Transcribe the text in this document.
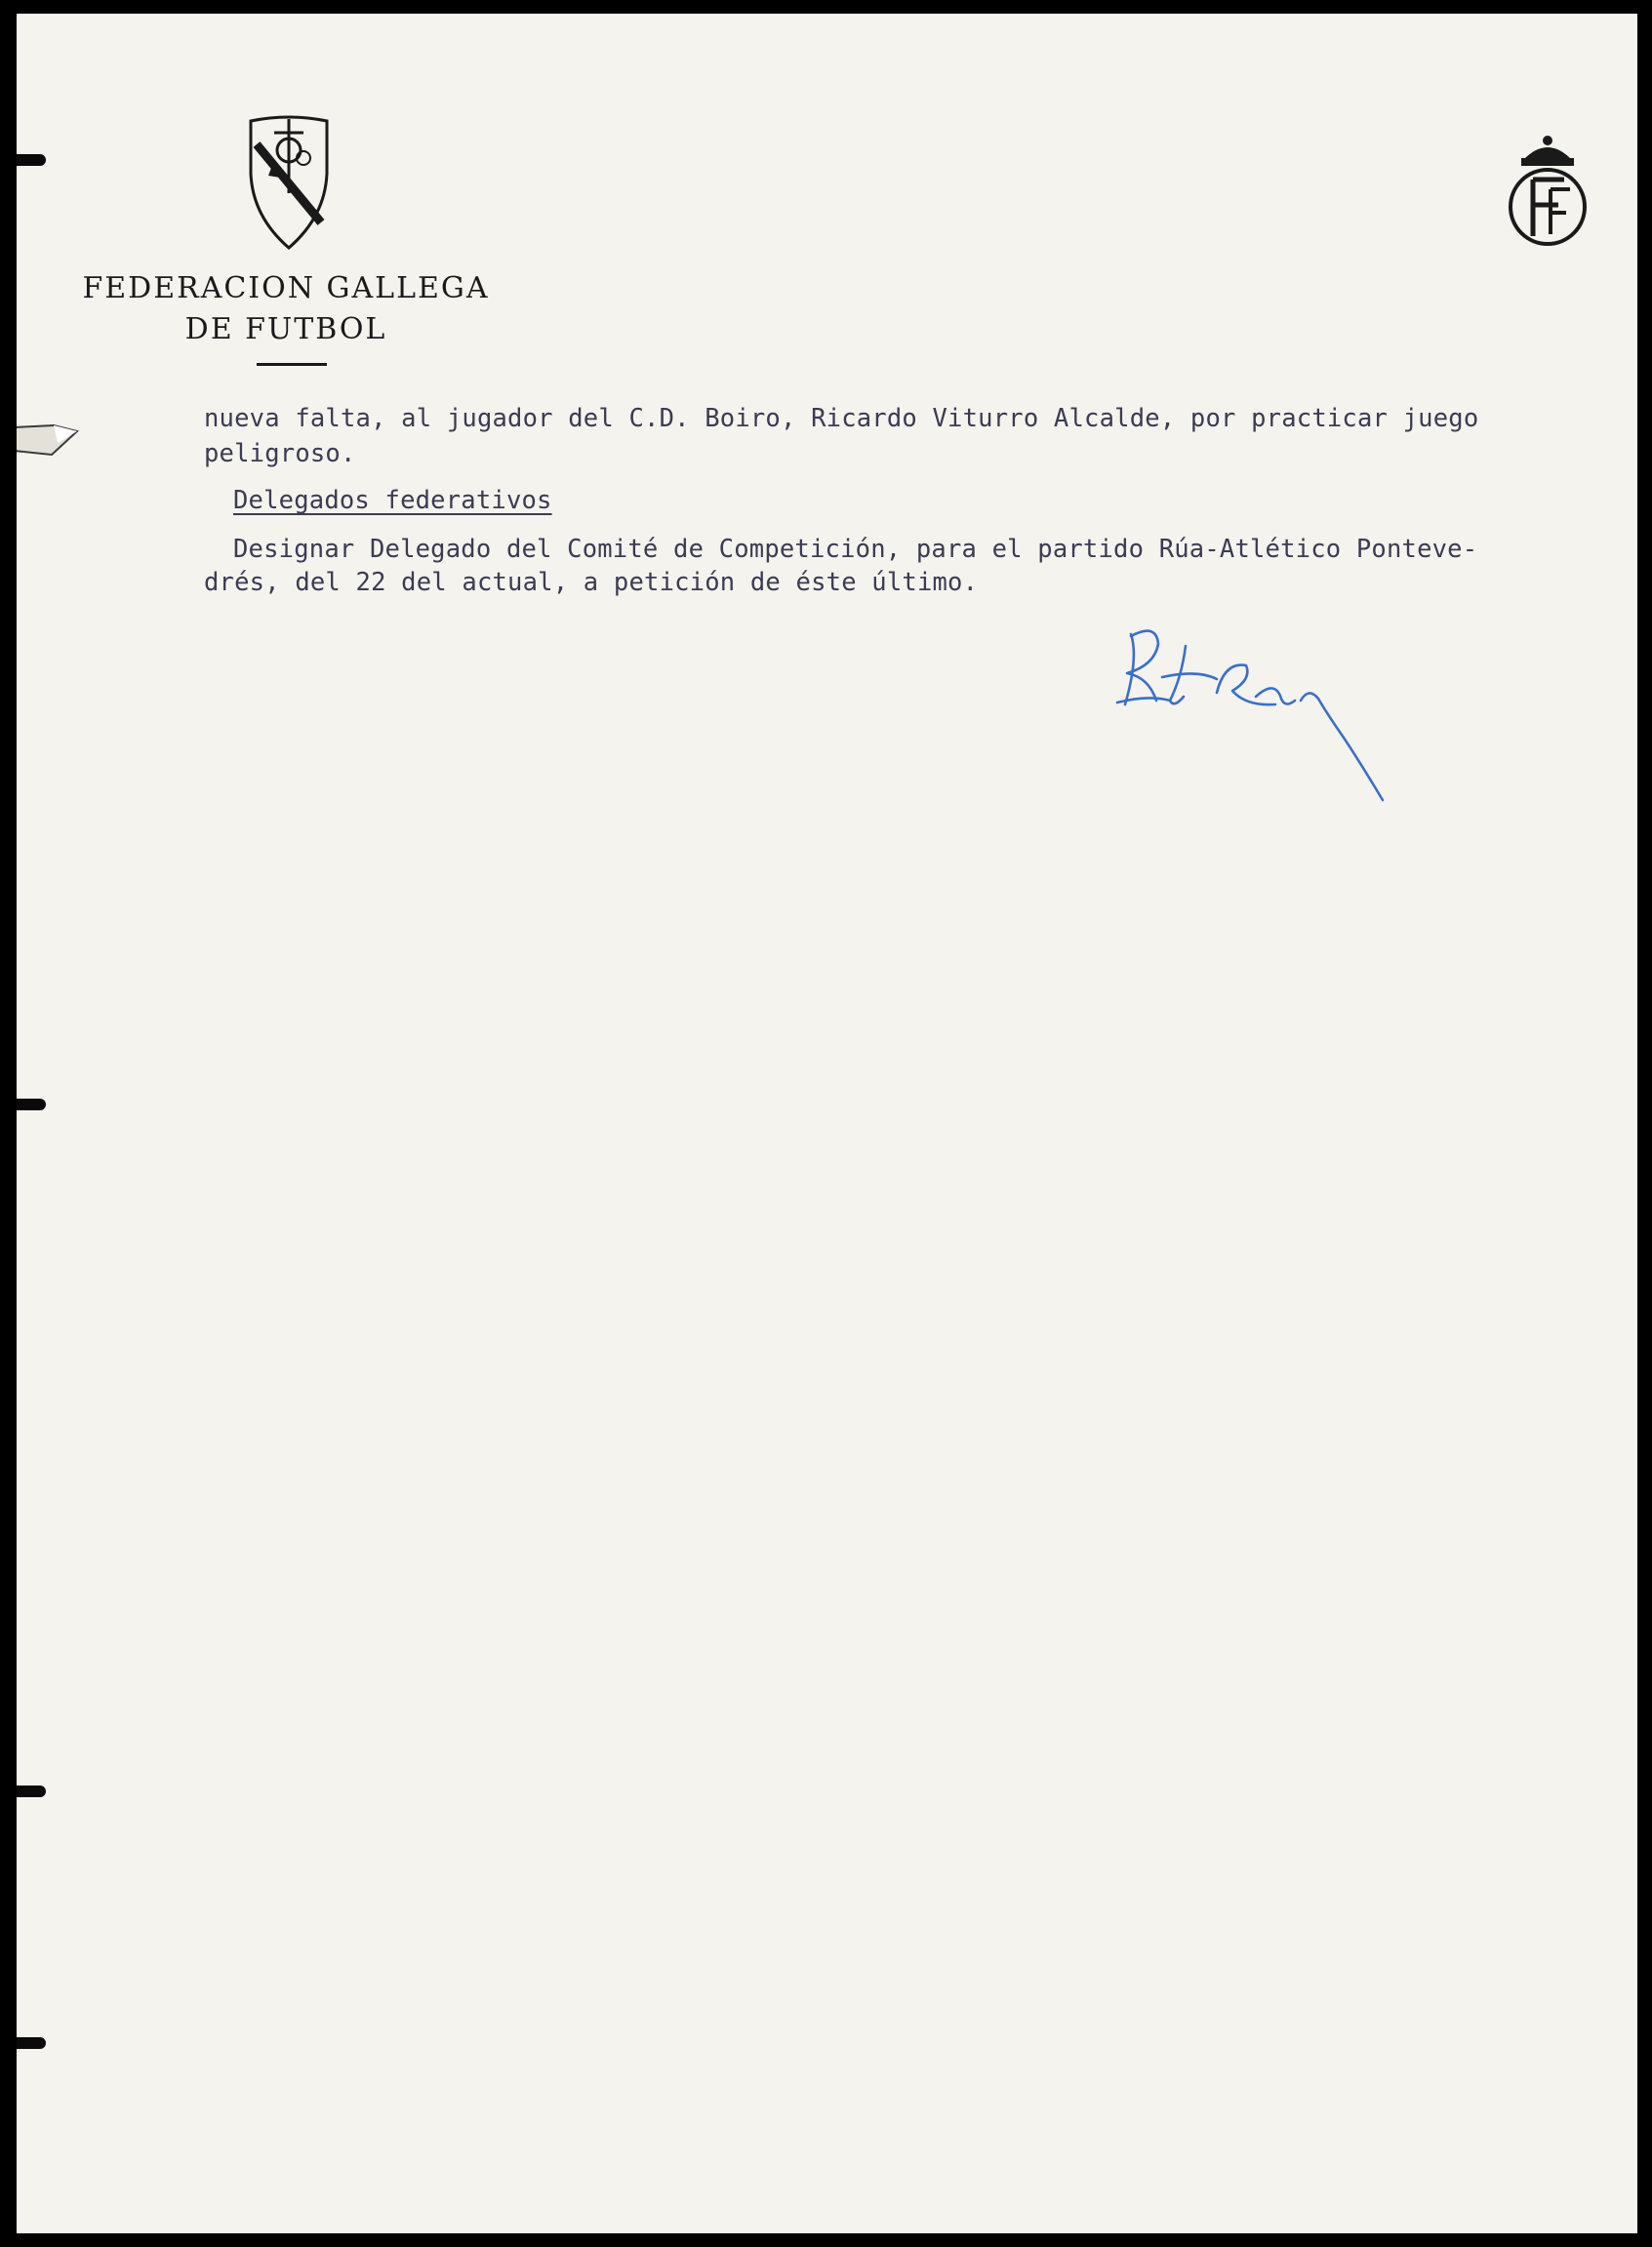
FEDERACION GALLEGA
DE FUTBOL
nueva falta, al jugador del C.D. Boiro, Ricardo Viturro Alcalde, por practicar juego
peligroso.
Delegados federativos
Designar Delegado del Comité de Competición, para el partido Rúa-Atlético Ponteve-
drés, del 22 del actual, a petición de éste último.
